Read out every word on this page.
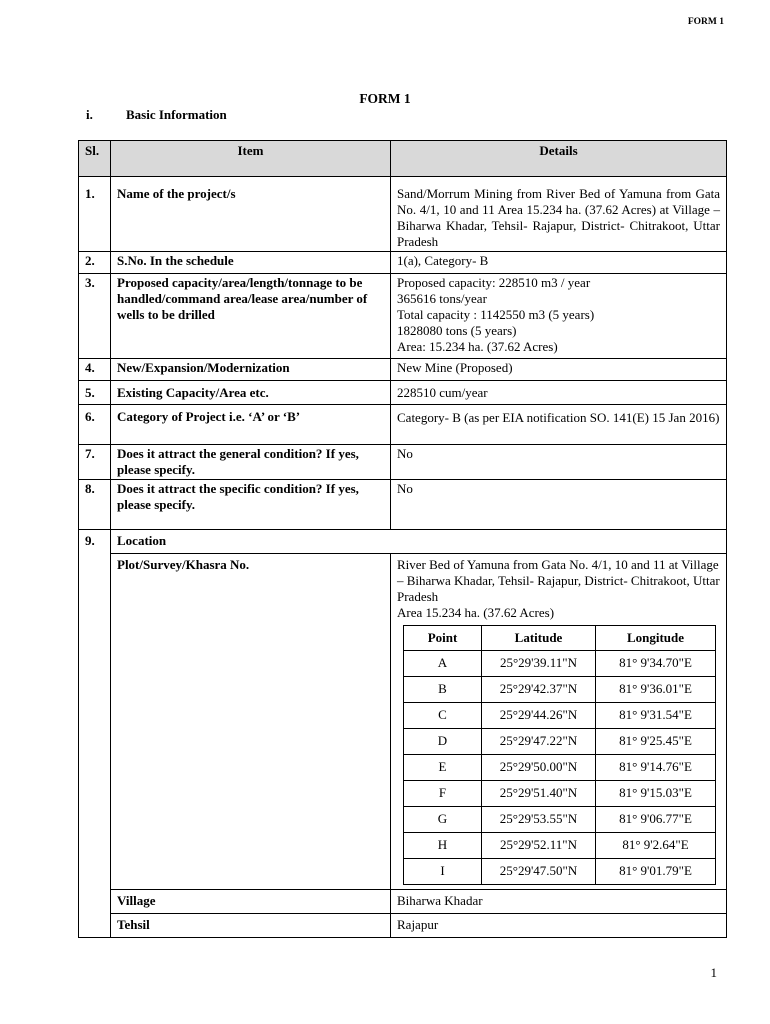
FORM 1
FORM 1
i.	Basic Information
Sl.	Item	Details

1.	Name of the project/s	Sand/Morrum Mining from River Bed of Yamuna from Gata No. 4/1, 10 and 11 Area 15.234 ha. (37.62 Acres) at Village – Biharwa Khadar, Tehsil- Rajapur, District- Chitrakoot, Uttar Pradesh
2.	S.No. In the schedule	1(a), Category- B
3.	Proposed capacity/area/length/tonnage to be handled/command area/lease area/number of wells to be drilled	
Proposed capacity: 228510 m3 / year
365616 tons/year
Total capacity : 1142550 m3 (5 years)
1828080 tons (5 years)
Area: 15.234 ha. (37.62 Acres)

4.	New/Expansion/Modernization	New Mine (Proposed)
5.	Existing Capacity/Area etc.	228510 cum/year
6.	Category of Project i.e. ‘A’ or ‘B’	Category- B (as per EIA notification SO. 141(E) 15 Jan 2016)
7.	Does it attract the general condition? If yes, please specify.	No
8.	Does it attract the specific condition? If yes, please specify.	No
9.	Location
	Plot/Survey/Khasra No.	River Bed of Yamuna from Gata No. 4/1, 10 and 11 at Village – Biharwa Khadar, Tehsil- Rajapur, District- Chitrakoot, Uttar Pradesh
Area 15.234 ha. (37.62 Acres)
Point	Latitude	Longitude
A	25°29'39.11"N	81° 9'34.70"E
B	25°29'42.37"N	81° 9'36.01"E
C	25°29'44.26"N	81° 9'31.54"E
D	25°29'47.22"N	81° 9'25.45"E
E	25°29'50.00"N	81° 9'14.76"E
F	25°29'51.40"N	81° 9'15.03"E
G	25°29'53.55"N	81° 9'06.77"E
H	25°29'52.11"N	81° 9'2.64"E
I	25°29'47.50"N	81° 9'01.79"E

	Village	Biharwa Khadar
	Tehsil	Rajapur
1
